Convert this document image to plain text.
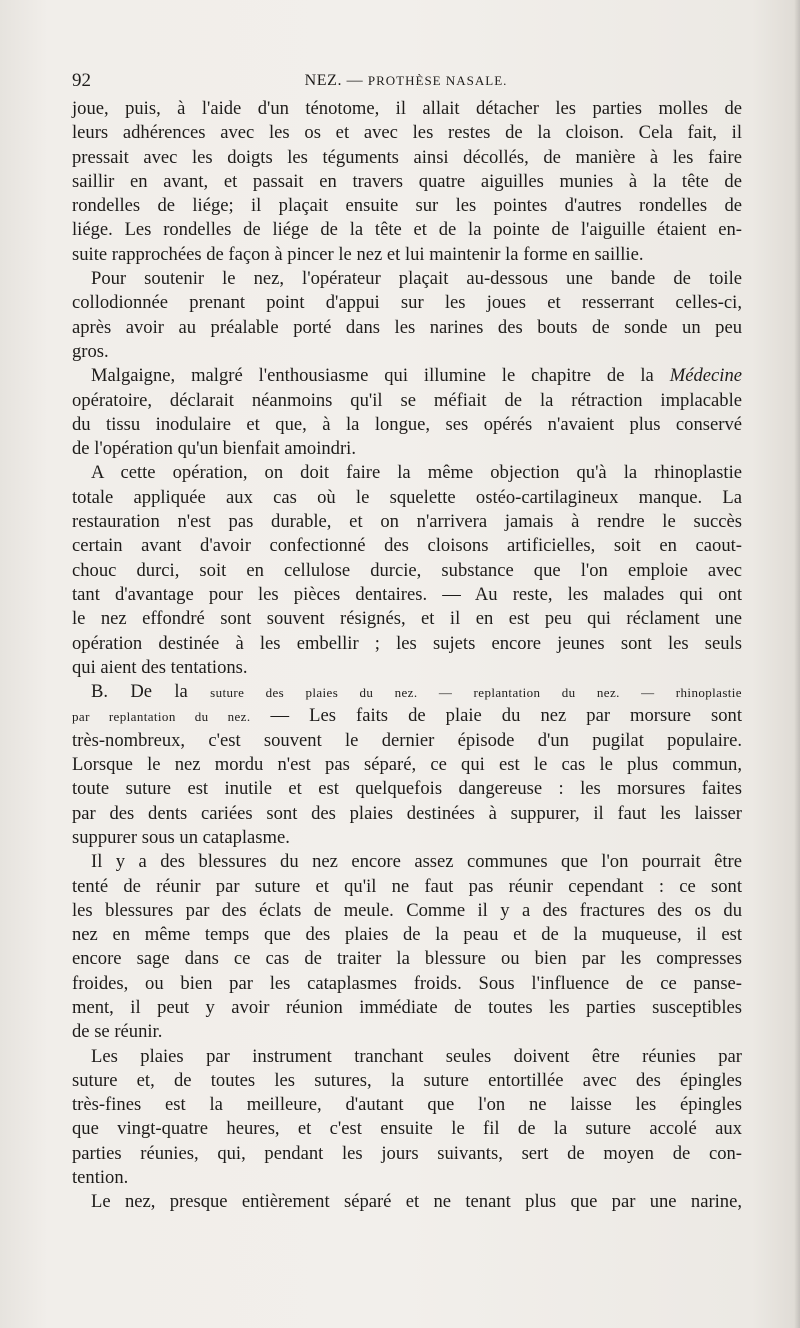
92	NEZ. — PROTHÈSE NASALE.
joue, puis, à l'aide d'un ténotome, il allait détacher les parties molles de
leurs adhérences avec les os et avec les restes de la cloison. Cela fait, il
pressait avec les doigts les téguments ainsi décollés, de manière à les faire
saillir en avant, et passait en travers quatre aiguilles munies à la tête de
rondelles de liége; il plaçait ensuite sur les pointes d'autres rondelles de
liége. Les rondelles de liége de la tête et de la pointe de l'aiguille étaient en-
suite rapprochées de façon à pincer le nez et lui maintenir la forme en saillie.
Pour soutenir le nez, l'opérateur plaçait au-dessous une bande de toile
collodionnée prenant point d'appui sur les joues et resserrant celles-ci,
après avoir au préalable porté dans les narines des bouts de sonde un peu
gros.
Malgaigne, malgré l'enthousiasme qui illumine le chapitre de la Médecine
opératoire, déclarait néanmoins qu'il se méfiait de la rétraction implacable
du tissu inodulaire et que, à la longue, ses opérés n'avaient plus conservé
de l'opération qu'un bienfait amoindri.
A cette opération, on doit faire la même objection qu'à la rhinoplastie
totale appliquée aux cas où le squelette ostéo-cartilagineux manque. La
restauration n'est pas durable, et on n'arrivera jamais à rendre le succès
certain avant d'avoir confectionné des cloisons artificielles, soit en caout-
chouc durci, soit en cellulose durcie, substance que l'on emploie avec
tant d'avantage pour les pièces dentaires. — Au reste, les malades qui ont
le nez effondré sont souvent résignés, et il en est peu qui réclament une
opération destinée à les embellir ; les sujets encore jeunes sont les seuls
qui aient des tentations.
B. De la suture des plaies du nez. — replantation du nez. — rhinoplastie
par replantation du nez. — Les faits de plaie du nez par morsure sont
très-nombreux, c'est souvent le dernier épisode d'un pugilat populaire.
Lorsque le nez mordu n'est pas séparé, ce qui est le cas le plus commun,
toute suture est inutile et est quelquefois dangereuse : les morsures faites
par des dents cariées sont des plaies destinées à suppurer, il faut les laisser
suppurer sous un cataplasme.
Il y a des blessures du nez encore assez communes que l'on pourrait être
tenté de réunir par suture et qu'il ne faut pas réunir cependant : ce sont
les blessures par des éclats de meule. Comme il y a des fractures des os du
nez en même temps que des plaies de la peau et de la muqueuse, il est
encore sage dans ce cas de traiter la blessure ou bien par les compresses
froides, ou bien par les cataplasmes froids. Sous l'influence de ce panse-
ment, il peut y avoir réunion immédiate de toutes les parties susceptibles
de se réunir.
Les plaies par instrument tranchant seules doivent être réunies par
suture et, de toutes les sutures, la suture entortillée avec des épingles
très-fines est la meilleure, d'autant que l'on ne laisse les épingles
que vingt-quatre heures, et c'est ensuite le fil de la suture accolé aux
parties réunies, qui, pendant les jours suivants, sert de moyen de con-
tention.
Le nez, presque entièrement séparé et ne tenant plus que par une narine,
